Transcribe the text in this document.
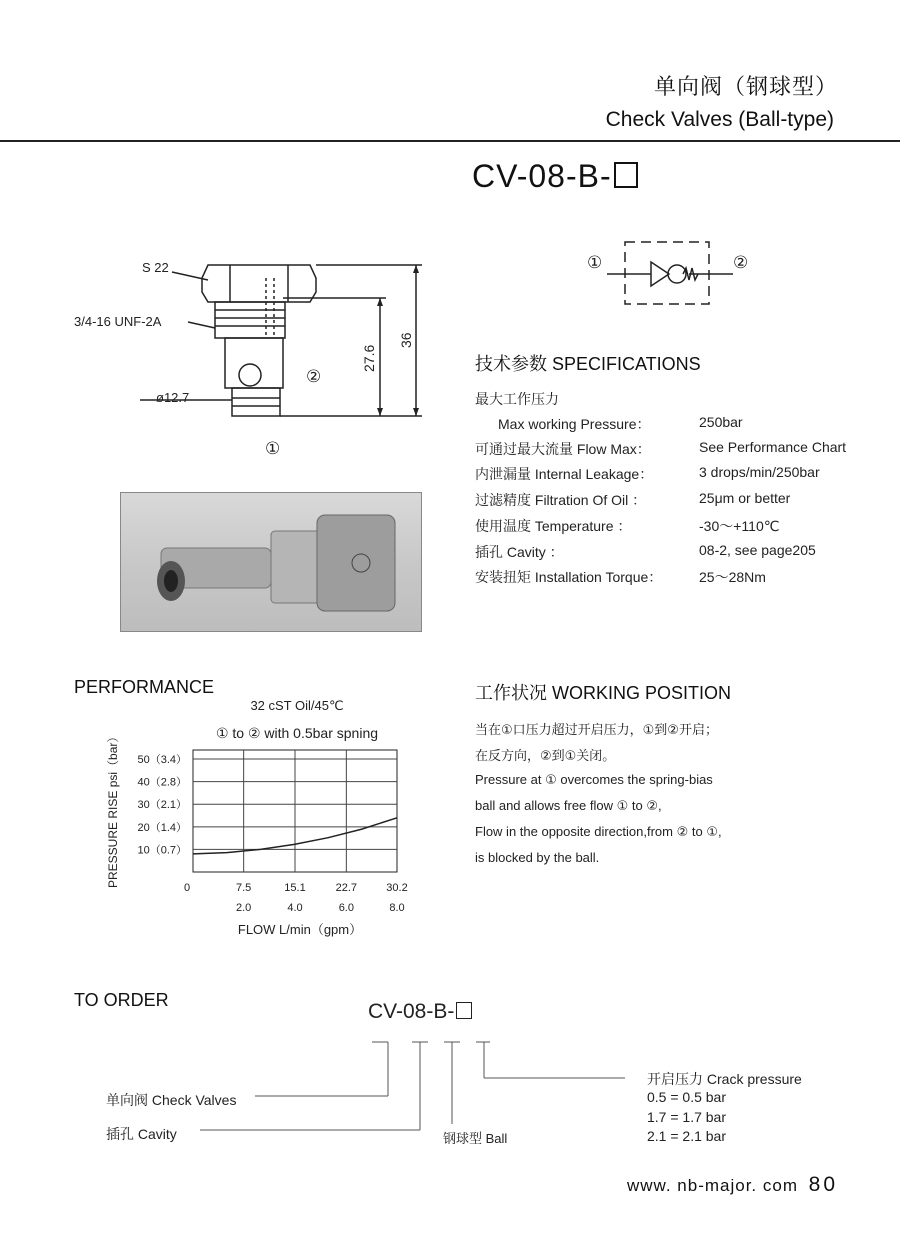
单向阀（钢球型）
Check Valves (Ball-type)
CV-08-B-
S 22
3/4-16 UNF-2A
ø12.7
27.6
36
②
①
①	②
技术参数 SPECIFICATIONS
最大工作压力
Max working Pressure：	250bar
可通过最大流量 Flow Max：	See Performance Chart
内泄漏量 Internal Leakage：	3 drops/min/250bar
过滤精度 Filtration Of Oil ：	25μm or better
使用温度 Temperature ：	-30～+110℃
插孔 Cavity ：	08-2, see page205
安装扭矩 Installation Torque：	25～28Nm
PERFORMANCE
32 cST Oil/45℃
① to ② with 0.5bar spning
10（0.7）
20（1.4）
30（2.1）
40（2.8）
50（3.4）
0	7.5	15.1	22.7	30.2
2.0	4.0	6.0	8.0
PRESSURE RISE psi（bar）
FLOW L/min（gpm）
工作状况 WORKING POSITION
当在①口压力超过开启压力，①到②开启；
在反方向，②到①关闭。
Pressure at ① overcomes the spring-bias
ball and allows free flow ① to ②,
Flow in the opposite direction,from ② to ①,
is blocked by the ball.
TO ORDER	CV-08-B-
单向阀 Check Valves
插孔 Cavity	钢球型 Ball
开启压力 Crack pressure
0.5 = 0.5 bar
1.7 = 1.7 bar
2.1 = 2.1 bar
www. nb-major. com 80
